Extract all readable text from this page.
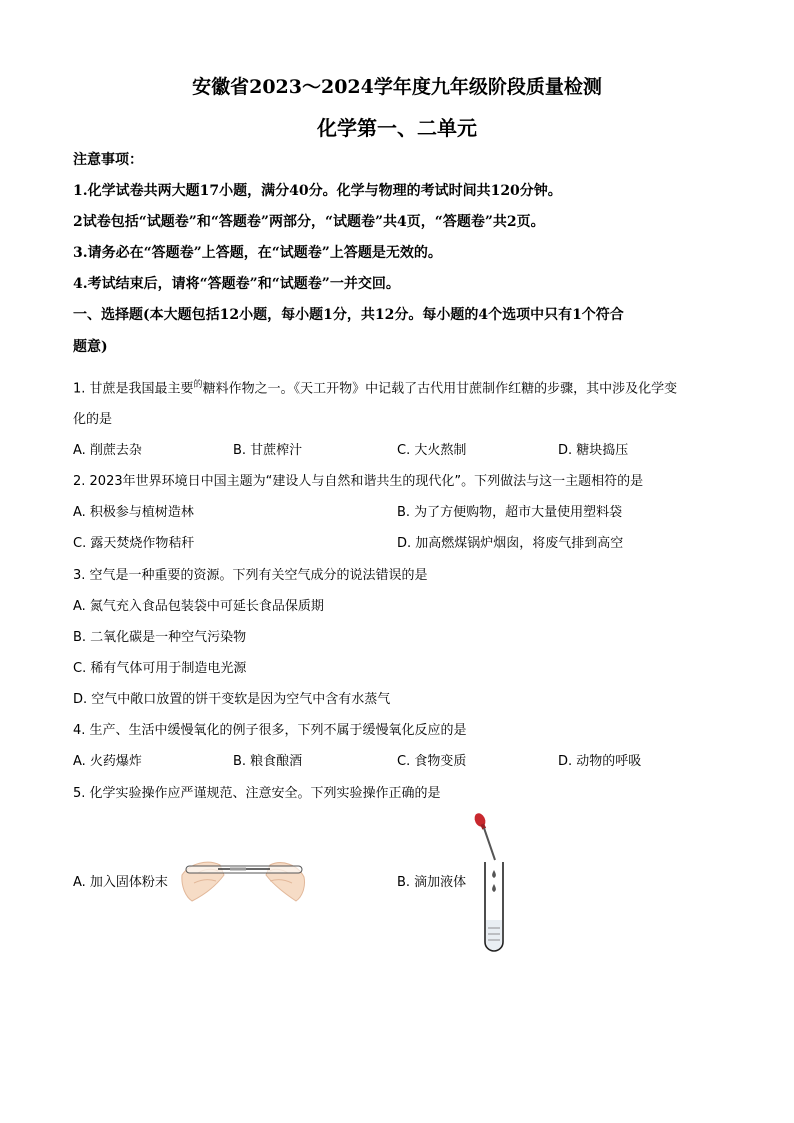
安徽省2023～2024学年度九年级阶段质量检测
化学第一、二单元
注意事项：
1.化学试卷共两大题17小题，满分40分。化学与物理的考试时间共120分钟。
2试卷包括“试题卷”和“答题卷”两部分，“试题卷”共4页，“答题卷”共2页。
3.请务必在“答题卷”上答题，在“试题卷”上答题是无效的。
4.考试结束后，请将“答题卷”和“试题卷”一并交回。
一、选择题(本大题包括12小题，每小题1分，共12分。每小题的4个选项中只有1个符合
题意)
1. 甘蔗是我国最主要$^的$糖料作物之一。《天工开物》中记载了古代用甘蔗制作红糖的步骤，其中涉及化学变
化的是
A. 削蔗去杂	B. 甘蔗榨汁	C. 大火熬制	D. 糖块捣压
2. 2023年世界环境日中国主题为“建设人与自然和谐共生的现代化”。下列做法与这一主题相符的是
A. 积极参与植树造林	B. 为了方便购物，超市大量使用塑料袋
C. 露天焚烧作物秸秆	D. 加高燃煤锅炉烟囱，将废气排到高空
3. 空气是一种重要的资源。下列有关空气成分的说法错误的是
A. 氮气充入食品包装袋中可延长食品保质期
B. 二氧化碳是一种空气污染物
C. 稀有气体可用于制造电光源
D. 空气中敞口放置的饼干变软是因为空气中含有水蒸气
4. 生产、生活中缓慢氧化的例子很多，下列不属于缓慢氧化反应的是
A. 火药爆炸	B. 粮食酿酒	C. 食物变质	D. 动物的呼吸
5. 化学实验操作应严谨规范、注意安全。下列实验操作正确的是
A. 加入固体粉末	B. 滴加液体
